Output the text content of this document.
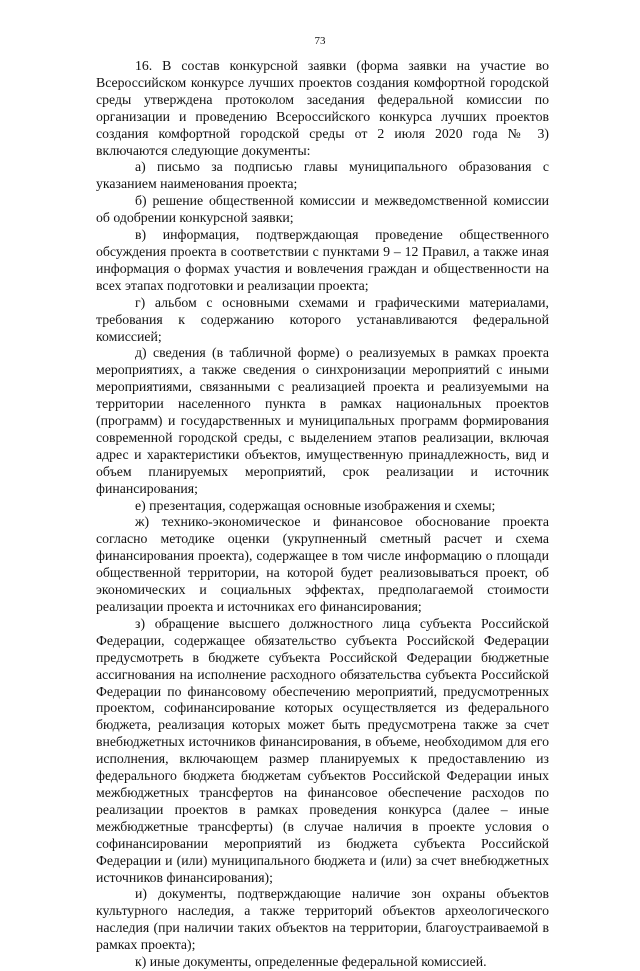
73

16. В состав конкурсной заявки (форма заявки на участие во Всероссийском конкурсе лучших проектов создания комфортной городской среды утверждена протоколом заседания федеральной комиссии по организации и проведению Всероссийского конкурса лучших проектов создания комфортной городской среды от 2 июля 2020 года № 3) включаются следующие документы:

а) письмо за подписью главы муниципального образования с указанием наименования проекта;

б) решение общественной комиссии и межведомственной комиссии об одобрении конкурсной заявки;

в) информация, подтверждающая проведение общественного обсуждения проекта в соответствии с пунктами 9 – 12 Правил, а также иная информация о формах участия и вовлечения граждан и общественности на всех этапах подготовки и реализации проекта;

г) альбом с основными схемами и графическими материалами, требования к содержанию которого устанавливаются федеральной комиссией;

д) сведения (в табличной форме) о реализуемых в рамках проекта мероприятиях, а также сведения о синхронизации мероприятий с иными мероприятиями, связанными с реализацией проекта и реализуемыми на территории населенного пункта в рамках национальных проектов (программ) и государственных и муниципальных программ формирования современной городской среды, с выделением этапов реализации, включая адрес и характеристики объектов, имущественную принадлежность, вид и объем планируемых мероприятий, срок реализации и источник финансирования;

е) презентация, содержащая основные изображения и схемы;

ж) технико-экономическое и финансовое обоснование проекта согласно методике оценки (укрупненный сметный расчет и схема финансирования проекта), содержащее в том числе информацию о площади общественной территории, на которой будет реализовываться проект, об экономических и социальных эффектах, предполагаемой стоимости реализации проекта и источниках его финансирования;

з) обращение высшего должностного лица субъекта Российской Федерации, содержащее обязательство субъекта Российской Федерации предусмотреть в бюджете субъекта Российской Федерации бюджетные ассигнования на исполнение расходного обязательства субъекта Российской Федерации по финансовому обеспечению мероприятий, предусмотренных проектом, софинансирование которых осуществляется из федерального бюджета, реализация которых может быть предусмотрена также за счет внебюджетных источников финансирования, в объеме, необходимом для его исполнения, включающем размер планируемых к предоставлению из федерального бюджета бюджетам субъектов Российской Федерации иных межбюджетных трансфертов на финансовое обеспечение расходов по реализации проектов в рамках проведения конкурса (далее – иные межбюджетные трансферты) (в случае наличия в проекте условия о софинансировании мероприятий из бюджета субъекта Российской Федерации и (или) муниципального бюджета и (или) за счет внебюджетных источников финансирования);

и) документы, подтверждающие наличие зон охраны объектов культурного наследия, а также территорий объектов археологического наследия (при наличии таких объектов на территории, благоустраиваемой в рамках проекта);

к) иные документы, определенные федеральной комиссией.
